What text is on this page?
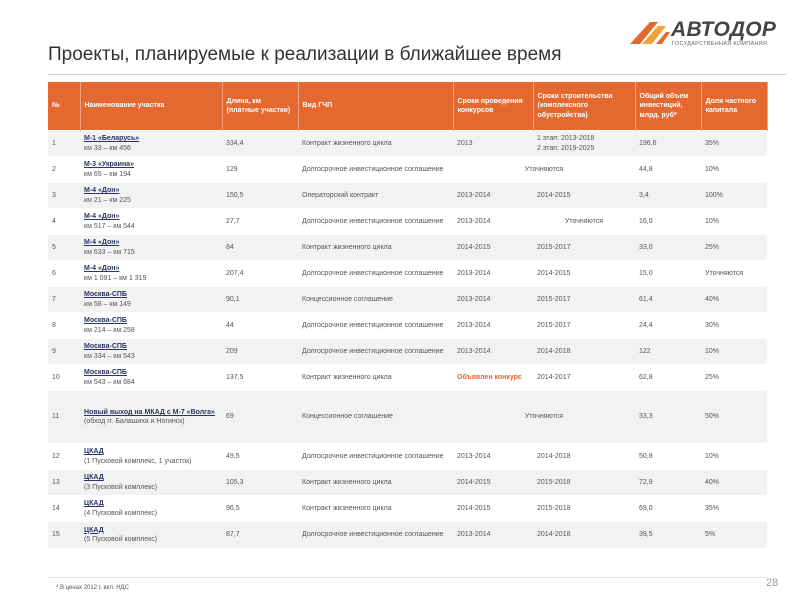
АВТОДОР
ГОСУДАРСТВЕННАЯ КОМПАНИЯ
Проекты, планируемые к реализации в ближайшее время
№	Наименование участка	Длина, км (платные участки)	Вид ГЧП	Сроки проведения конкурсов	Сроки строительства (комплексного обустройства)	Общий объем инвестиций, млрд. руб*	Доля частного капитала
1	М-1 «Беларусь»
км 33 – км 456	334,4	Контракт жизненного цикла	2013	1 этап: 2013-2018
2 этап: 2019-2025	196,6	35%
2	М-3 «Украина»
км 65 – км 194	129	Долгосрочное инвестиционное соглашение	Уточняются		44,8	10%
3	М-4 «Дон»
км 21 – км 225	150,5	Операторский контракт	2013-2014	2014-2015	3,4	100%
4	М-4 «Дон»
км 517 – км 544	27,7	Долгосрочное инвестиционное соглашение	2013-2014	Уточняются	16,0	10%
5	М-4 «Дон»
км 633 – км 715	84	Контракт жизненного цикла	2014-2015	2015-2017	33,0	25%
6	М-4 «Дон»
км 1 091 – км 1 319	207,4	Долгосрочное инвестиционное соглашение	2013-2014	2014-2015	15,0	Уточняются
7	Москва-СПБ
км 58 – км 149	90,1	Концессионное соглашение	2013-2014	2015-2017	61,4	40%
8	Москва-СПБ
км 214 – км 258	44	Долгосрочное инвестиционное соглашение	2013-2014	2015-2017	24,4	30%
9	Москва-СПБ
км 334 – км 543	209	Долгосрочное инвестиционное соглашение	2013-2014	2014-2018	122	10%
10	Москва-СПБ
км 543 – км 684	137,5	Контракт жизненного цикла	Объявлен конкурс	2014-2017	62,8	25%
11	Новый выход на МКАД с М-7 «Волга»
(обход гг. Балашиха и Ногинск)	69	Концессионное соглашение	Уточняются		33,3	50%
12	ЦКАД
(1 Пусковой комплекс, 1 участок)	49,5	Долгосрочное инвестиционное соглашение	2013-2014	2014-2018	50,8	10%
13	ЦКАД
(3 Пусковой комплекс)	105,3	Контракт жизненного цикла	2014-2015	2015-2018	72,9	40%
14	ЦКАД
(4 Пусковой комплекс)	96,5	Контракт жизненного цикла	2014-2015	2015-2018	69,0	35%
15	ЦКАД
(5 Пусковой комплекс)	87,7	Долгосрочное инвестиционное соглашение	2013-2014	2014-2018	39,5	5%
* В ценах 2012 г. вкл. НДС	28
